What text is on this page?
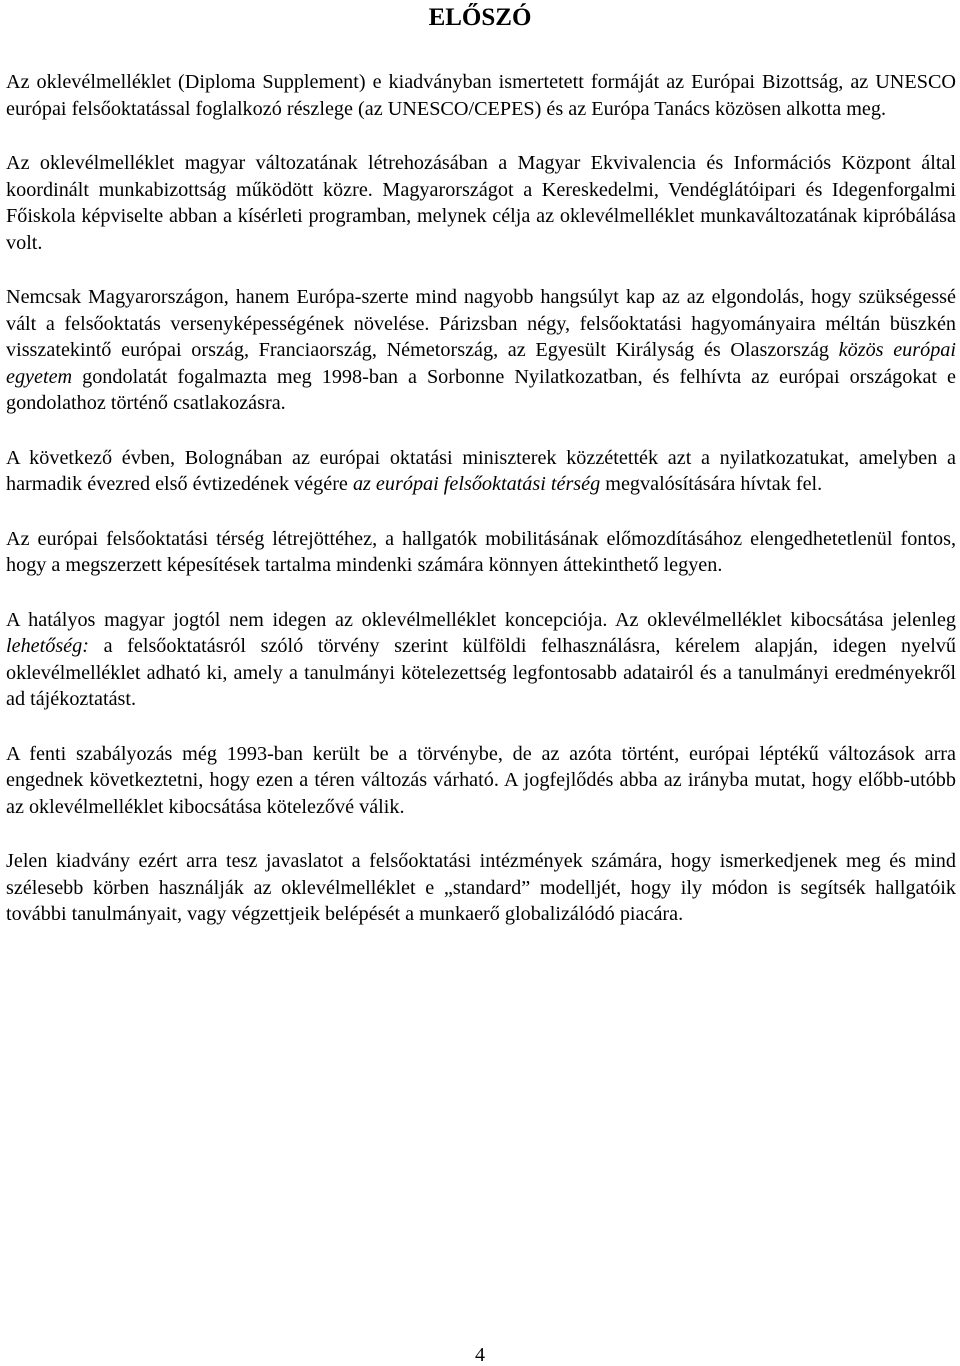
ELŐSZÓ

Az oklevélmelléklet (Diploma Supplement) e kiadványban ismertetett formáját az Európai Bizottság, az UNESCO európai felsőoktatással foglalkozó részlege (az UNESCO/CEPES) és az Európa Tanács közösen alkotta meg.

Az oklevélmelléklet magyar változatának létrehozásában a Magyar Ekvivalencia és Információs Központ által koordinált munkabizottság működött közre. Magyarországot a Kereskedelmi, Vendéglátóipari és Idegenforgalmi Főiskola képviselte abban a kísérleti programban, melynek célja az oklevélmelléklet munkaváltozatának kipróbálása volt.

Nemcsak Magyarországon, hanem Európa-szerte mind nagyobb hangsúlyt kap az az elgondolás, hogy szükségessé vált a felsőoktatás versenyképességének növelése. Párizsban négy, felsőoktatási hagyományaira méltán büszkén visszatekintő európai ország, Franciaország, Németország, az Egyesült Királyság és Olaszország közös európai egyetem gondolatát fogalmazta meg 1998-ban a Sorbonne Nyilatkozatban, és felhívta az európai országokat e gondolathoz történő csatlakozásra.

A következő évben, Bolognában az európai oktatási miniszterek közzétették azt a nyilatkozatukat, amelyben a harmadik évezred első évtizedének végére az európai felsőoktatási térség megvalósítására hívtak fel.

Az európai felsőoktatási térség létrejöttéhez, a hallgatók mobilitásának előmozdításához elengedhetetlenül fontos, hogy a megszerzett képesítések tartalma mindenki számára könnyen áttekinthető legyen.

A hatályos magyar jogtól nem idegen az oklevélmelléklet koncepciója. Az oklevélmelléklet kibocsátása jelenleg lehetőség: a felsőoktatásról szóló törvény szerint külföldi felhasználásra, kérelem alapján, idegen nyelvű oklevélmelléklet adható ki, amely a tanulmányi kötelezettség legfontosabb adatairól és a tanulmányi eredményekről ad tájékoztatást.

A fenti szabályozás még 1993-ban került be a törvénybe, de az azóta történt, európai léptékű változások arra engednek következtetni, hogy ezen a téren változás várható. A jogfejlődés abba az irányba mutat, hogy előbb-utóbb az oklevélmelléklet kibocsátása kötelezővé válik.

Jelen kiadvány ezért arra tesz javaslatot a felsőoktatási intézmények számára, hogy ismerkedjenek meg és mind szélesebb körben használják az oklevélmelléklet e „standard” modelljét, hogy ily módon is segítsék hallgatóik további tanulmányait, vagy végzettjeik belépését a munkaerő globalizálódó piacára.

4
